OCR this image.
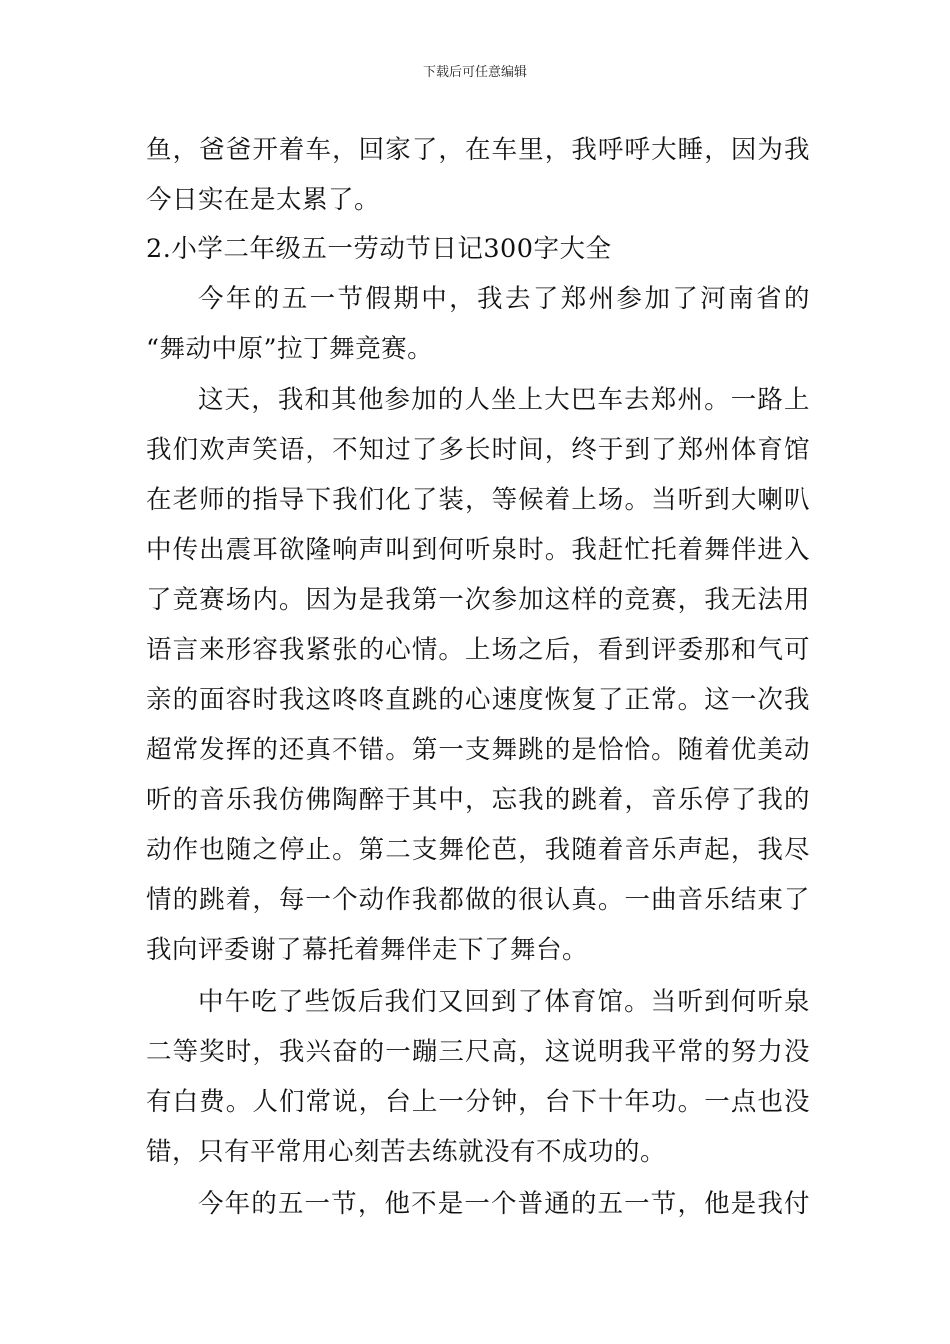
下载后可任意编辑
鱼，爸爸开着车，回家了，在车里，我呼呼大睡，因为我
今日实在是太累了。
2.小学二年级五一劳动节日记300字大全
今年的五一节假期中，我去了郑州参加了河南省的
“舞动中原”拉丁舞竞赛。
这天，我和其他参加的人坐上大巴车去郑州。一路上
我们欢声笑语，不知过了多长时间，终于到了郑州体育馆
在老师的指导下我们化了装，等候着上场。当听到大喇叭
中传出震耳欲隆响声叫到何听泉时。我赶忙托着舞伴进入
了竞赛场内。因为是我第一次参加这样的竞赛，我无法用
语言来形容我紧张的心情。上场之后，看到评委那和气可
亲的面容时我这咚咚直跳的心速度恢复了正常。这一次我
超常发挥的还真不错。第一支舞跳的是恰恰。随着优美动
听的音乐我仿佛陶醉于其中，忘我的跳着，音乐停了我的
动作也随之停止。第二支舞伦芭，我随着音乐声起，我尽
情的跳着，每一个动作我都做的很认真。一曲音乐结束了
我向评委谢了幕托着舞伴走下了舞台。
中午吃了些饭后我们又回到了体育馆。当听到何听泉
二等奖时，我兴奋的一蹦三尺高，这说明我平常的努力没
有白费。人们常说，台上一分钟，台下十年功。一点也没
错，只有平常用心刻苦去练就没有不成功的。
今年的五一节，他不是一个普通的五一节，他是我付
